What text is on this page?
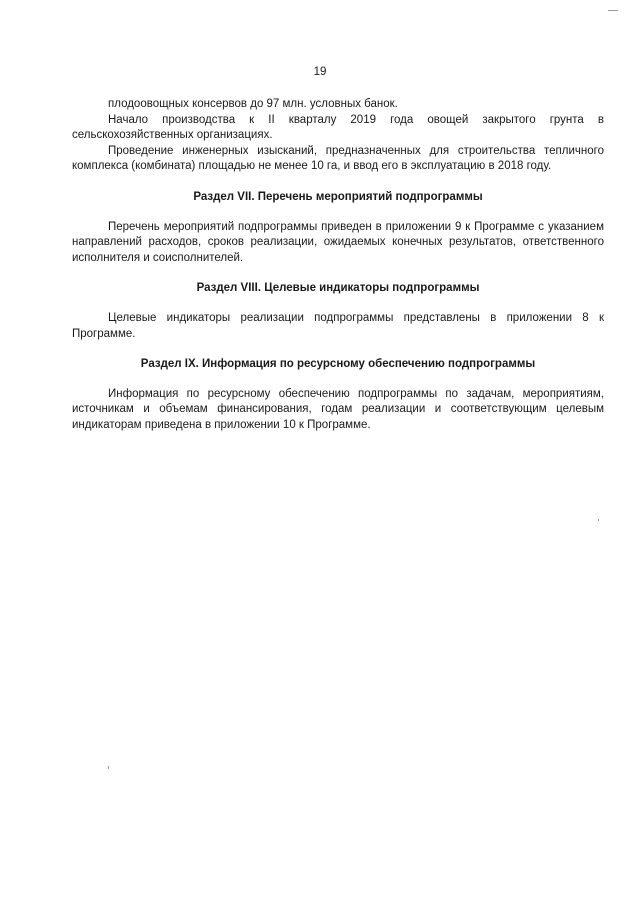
19

плодоовощных консервов до 97 млн. условных банок.

Начало производства к II кварталу 2019 года овощей закрытого грунта в сельскохозяйственных организациях.

Проведение инженерных изысканий, предназначенных для строительства тепличного комплекса (комбината) площадью не менее 10 га, и ввод его в эксплуатацию в 2018 году.

Раздел VII. Перечень мероприятий подпрограммы

Перечень мероприятий подпрограммы приведен в приложении 9 к Программе с указанием направлений расходов, сроков реализации, ожидаемых конечных результатов, ответственного исполнителя и соисполнителей.

Раздел VIII. Целевые индикаторы подпрограммы

Целевые индикаторы реализации подпрограммы представлены в приложении 8 к Программе.

Раздел IX. Информация по ресурсному обеспечению подпрограммы

Информация по ресурсному обеспечению подпрограммы по задачам, мероприятиям, источникам и объемам финансирования, годам реализации и соответствующим целевым индикаторам приведена в приложении 10 к Программе.
